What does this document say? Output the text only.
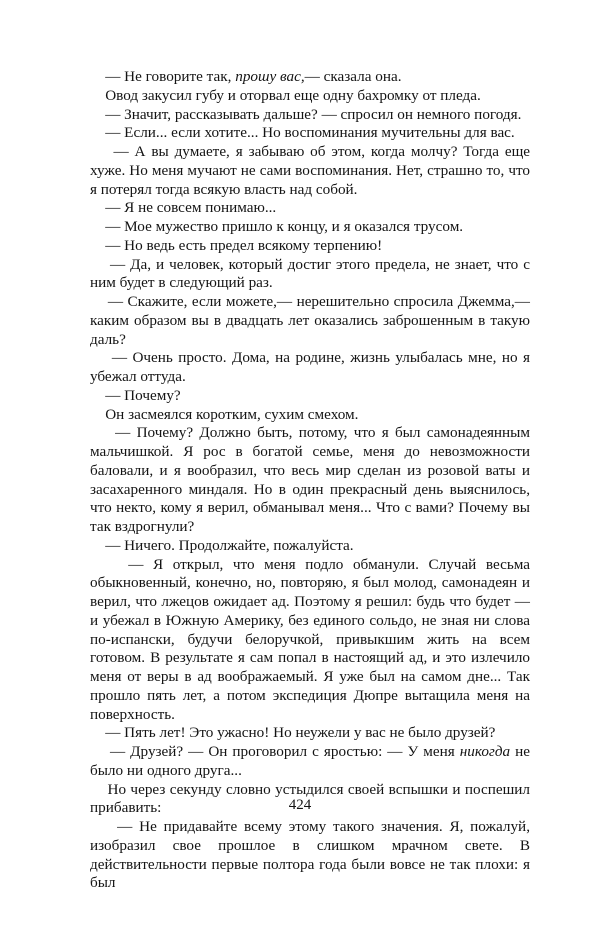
— Не говорите так, прошу вас,— сказала она.
Овод закусил губу и оторвал еще одну бахромку от пледа.
— Значит, рассказывать дальше? — спросил он немного погодя.
— Если... если хотите... Но воспоминания мучительны для вас.
— А вы думаете, я забываю об этом, когда молчу? Тогда еще хуже. Но меня мучают не сами воспоминания. Нет, страшно то, что я потерял тогда всякую власть над собой.
— Я не совсем понимаю...
— Мое мужество пришло к концу, и я оказался трусом.
— Но ведь есть предел всякому терпению!
— Да, и человек, который достиг этого предела, не знает, что с ним будет в следующий раз.
— Скажите, если можете,— нерешительно спросила Джемма,— каким образом вы в двадцать лет оказались заброшенным в такую даль?
— Очень просто. Дома, на родине, жизнь улыбалась мне, но я убежал оттуда.
— Почему?
Он засмеялся коротким, сухим смехом.
— Почему? Должно быть, потому, что я был самонадеянным мальчишкой. Я рос в богатой семье, меня до невозможности баловали, и я вообразил, что весь мир сделан из розовой ваты и засахаренного миндаля. Но в один прекрасный день выяснилось, что некто, кому я верил, обманывал меня... Что с вами? Почему вы так вздрогнули?
— Ничего. Продолжайте, пожалуйста.
— Я открыл, что меня подло обманули. Случай весьма обыкновенный, конечно, но, повторяю, я был молод, самонадеян и верил, что лжецов ожидает ад. Поэтому я решил: будь что будет — и убежал в Южную Америку, без единого сольдо, не зная ни слова по-испански, будучи белоручкой, привыкшим жить на всем готовом. В результате я сам попал в настоящий ад, и это излечило меня от веры в ад воображаемый. Я уже был на самом дне... Так прошло пять лет, а потом экспедиция Дюпре вытащила меня на поверхность.
— Пять лет! Это ужасно! Но неужели у вас не было друзей?
— Друзей? — Он проговорил с яростью: — У меня никогда не было ни одного друга...
Но через секунду словно устыдился своей вспышки и поспешил прибавить:
— Не придавайте всему этому такого значения. Я, пожалуй, изобразил свое прошлое в слишком мрачном свете. В действительности первые полтора года были вовсе не так плохи: я был
424
